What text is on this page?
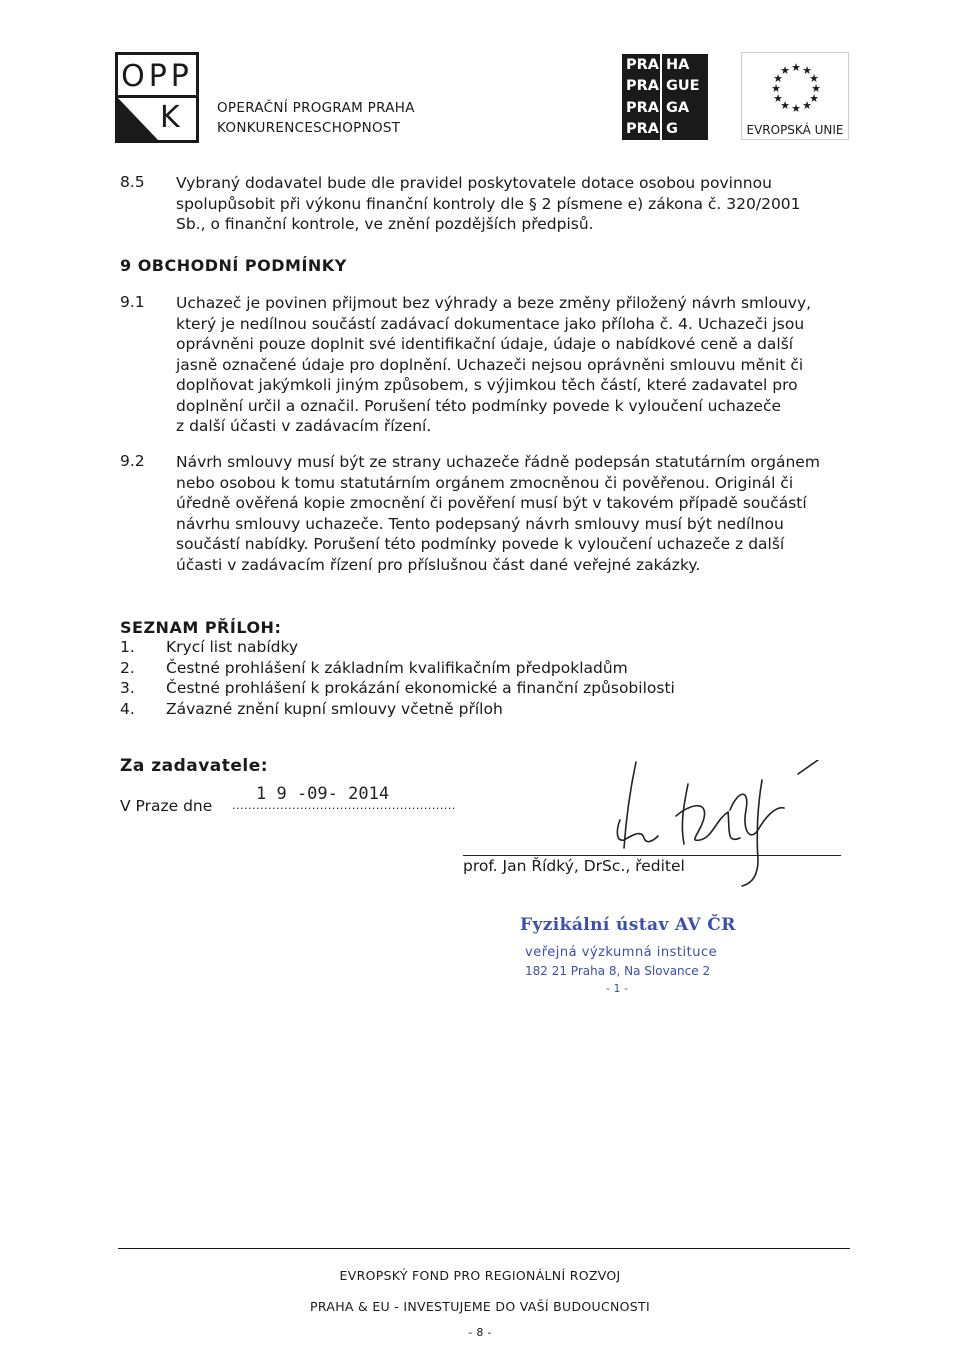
OPP
K	OPERAČNÍ PROGRAM PRAHA
KONKURENCESCHOPNOST
PRA HA
PRA GUE
PRA GA
PRA G
★ ★
★
★
★
★
★
★
★
★
★ ★
EVROPSKÁ UNIE
8.5 Vybraný dodavatel bude dle pravidel poskytovatele dotace osobou povinnou
spolupůsobit při výkonu finanční kontroly dle § 2 písmene e) zákona č. 320/2001
Sb., o finanční kontrole, ve znění pozdějších předpisů.
9 OBCHODNÍ PODMÍNKY
9.1 Uchazeč je povinen přijmout bez výhrady a beze změny přiložený návrh smlouvy,
který je nedílnou součástí zadávací dokumentace jako příloha č. 4. Uchazeči jsou
oprávněni pouze doplnit své identifikační údaje, údaje o nabídkové ceně a další
jasně označené údaje pro doplnění. Uchazeči nejsou oprávněni smlouvu měnit či
doplňovat jakýmkoli jiným způsobem, s výjimkou těch částí, které zadavatel pro
doplnění určil a označil. Porušení této podmínky povede k vyloučení uchazeče
z další účasti v zadávacím řízení.
9.2 Návrh smlouvy musí být ze strany uchazeče řádně podepsán statutárním orgánem
nebo osobou k tomu statutárním orgánem zmocněnou či pověřenou. Originál či
úředně ověřená kopie zmocnění či pověření musí být v takovém případě součástí
návrhu smlouvy uchazeče. Tento podepsaný návrh smlouvy musí být nedílnou
součástí nabídky. Porušení této podmínky povede k vyloučení uchazeče z další
účasti v zadávacím řízení pro příslušnou část dané veřejné zakázky.
SEZNAM PŘÍLOH:
1.	Krycí list nabídky
2.	Čestné prohlášení k základním kvalifikačním předpokladům
3.	Čestné prohlášení k prokázání ekonomické a finanční způsobilosti
4.	Závazné znění kupní smlouvy včetně příloh
Za zadavatele:
V Praze dne ........................................................
1 9 -09- 2014
prof. Jan Řídký, DrSc., ředitel
Fyzikální ústav AV ČR
veřejná výzkumná instituce
182 21 Praha 8, Na Slovance 2
- 1 -
EVROPSKÝ FOND PRO REGIONÁLNÍ ROZVOJ
PRAHA & EU - INVESTUJEME DO VAŠÍ BUDOUCNOSTI
- 8 -
